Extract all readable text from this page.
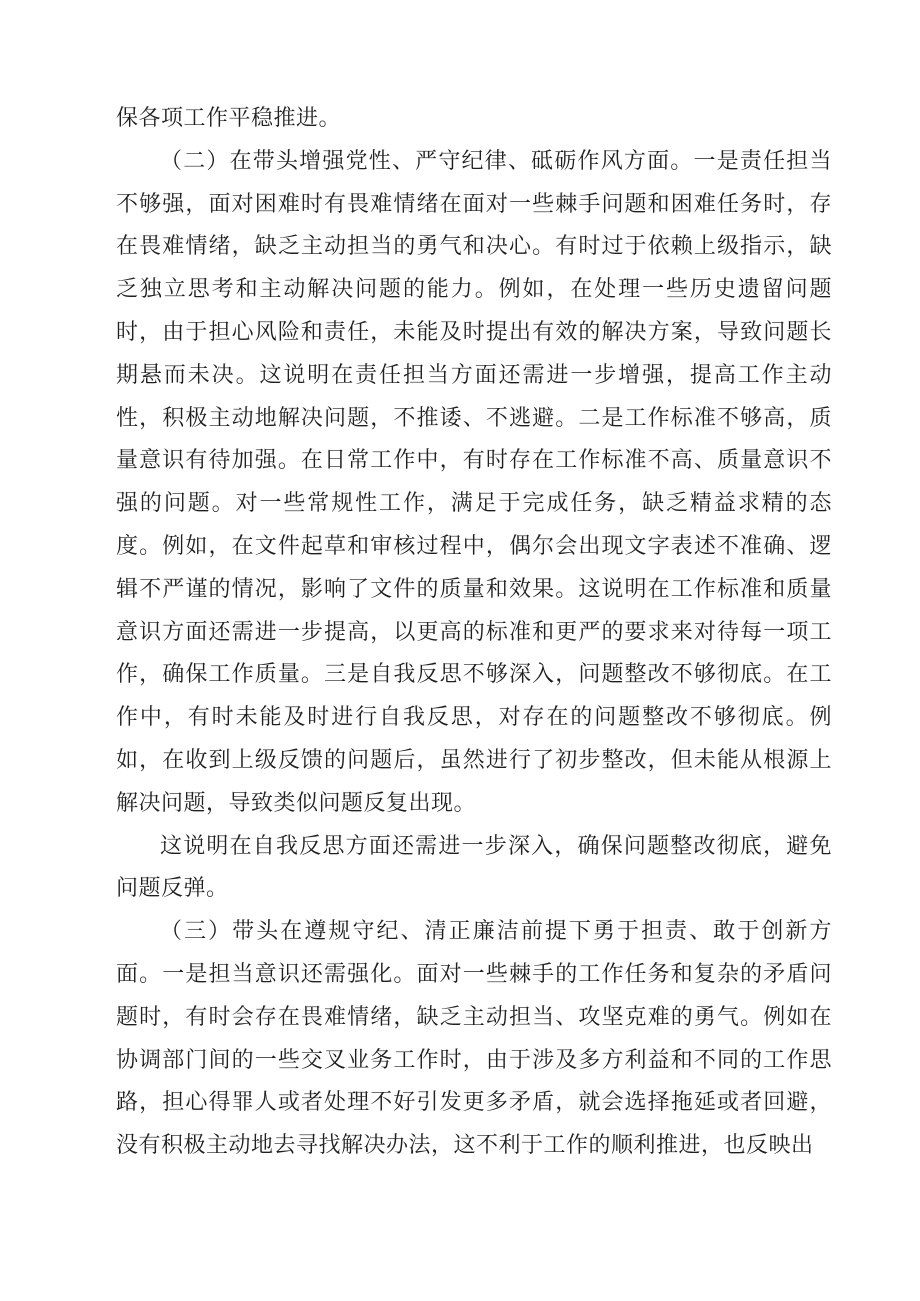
保各项工作平稳推进。

（二）在带头增强党性、严守纪律、砥砺作风方面。一是责任担当不够强，面对困难时有畏难情绪在面对一些棘手问题和困难任务时，存在畏难情绪，缺乏主动担当的勇气和决心。有时过于依赖上级指示，缺乏独立思考和主动解决问题的能力。例如，在处理一些历史遗留问题时，由于担心风险和责任，未能及时提出有效的解决方案，导致问题长期悬而未决。这说明在责任担当方面还需进一步增强，提高工作主动性，积极主动地解决问题，不推诿、不逃避。二是工作标准不够高，质量意识有待加强。在日常工作中，有时存在工作标准不高、质量意识不强的问题。对一些常规性工作，满足于完成任务，缺乏精益求精的态度。例如，在文件起草和审核过程中，偶尔会出现文字表述不准确、逻辑不严谨的情况，影响了文件的质量和效果。这说明在工作标准和质量意识方面还需进一步提高，以更高的标准和更严的要求来对待每一项工作，确保工作质量。三是自我反思不够深入，问题整改不够彻底。在工作中，有时未能及时进行自我反思，对存在的问题整改不够彻底。例如，在收到上级反馈的问题后，虽然进行了初步整改，但未能从根源上解决问题，导致类似问题反复出现。

这说明在自我反思方面还需进一步深入，确保问题整改彻底，避免问题反弹。

（三）带头在遵规守纪、清正廉洁前提下勇于担责、敢于创新方面。一是担当意识还需强化。面对一些棘手的工作任务和复杂的矛盾问题时，有时会存在畏难情绪，缺乏主动担当、攻坚克难的勇气。例如在协调部门间的一些交叉业务工作时，由于涉及多方利益和不同的工作思路，担心得罪人或者处理不好引发更多矛盾，就会选择拖延或者回避，没有积极主动地去寻找解决办法，这不利于工作的顺利推进，也反映出
